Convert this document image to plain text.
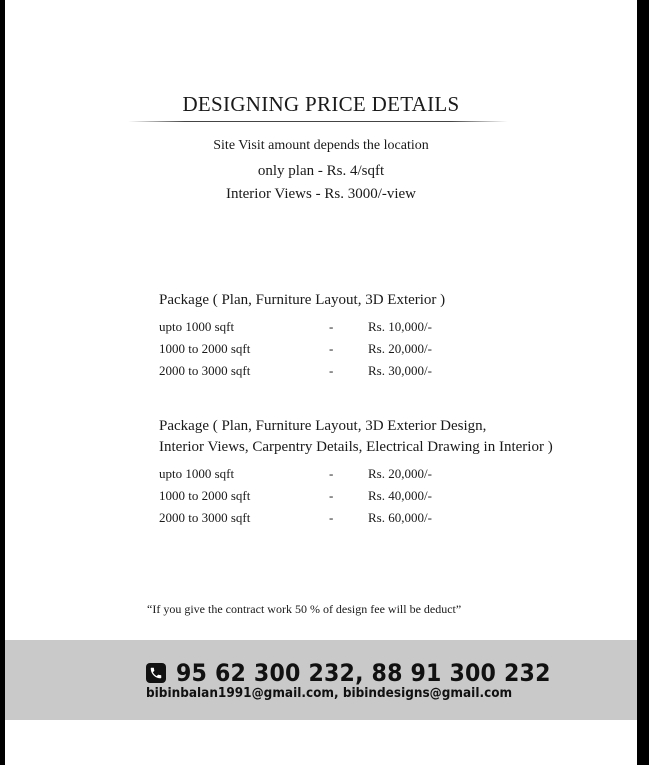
DESIGNING PRICE DETAILS
Site Visit amount depends the location
only plan - Rs. 4/sqft
Interior Views - Rs. 3000/-view
Package ( Plan, Furniture Layout, 3D Exterior )
upto 1000 sqft	-	Rs. 10,000/-
1000 to 2000 sqft	-	Rs. 20,000/-
2000 to 3000 sqft	-	Rs. 30,000/-
Package ( Plan, Furniture Layout, 3D Exterior Design,
Interior Views, Carpentry Details, Electrical Drawing in Interior )
upto 1000 sqft	-	Rs. 20,000/-
1000 to 2000 sqft	-	Rs. 40,000/-
2000 to 3000 sqft	-	Rs. 60,000/-
“If you give the contract work 50 % of design fee will be deduct”
95 62 300 232, 88 91 300 232
bibinbalan1991@gmail.com, bibindesigns@gmail.com
